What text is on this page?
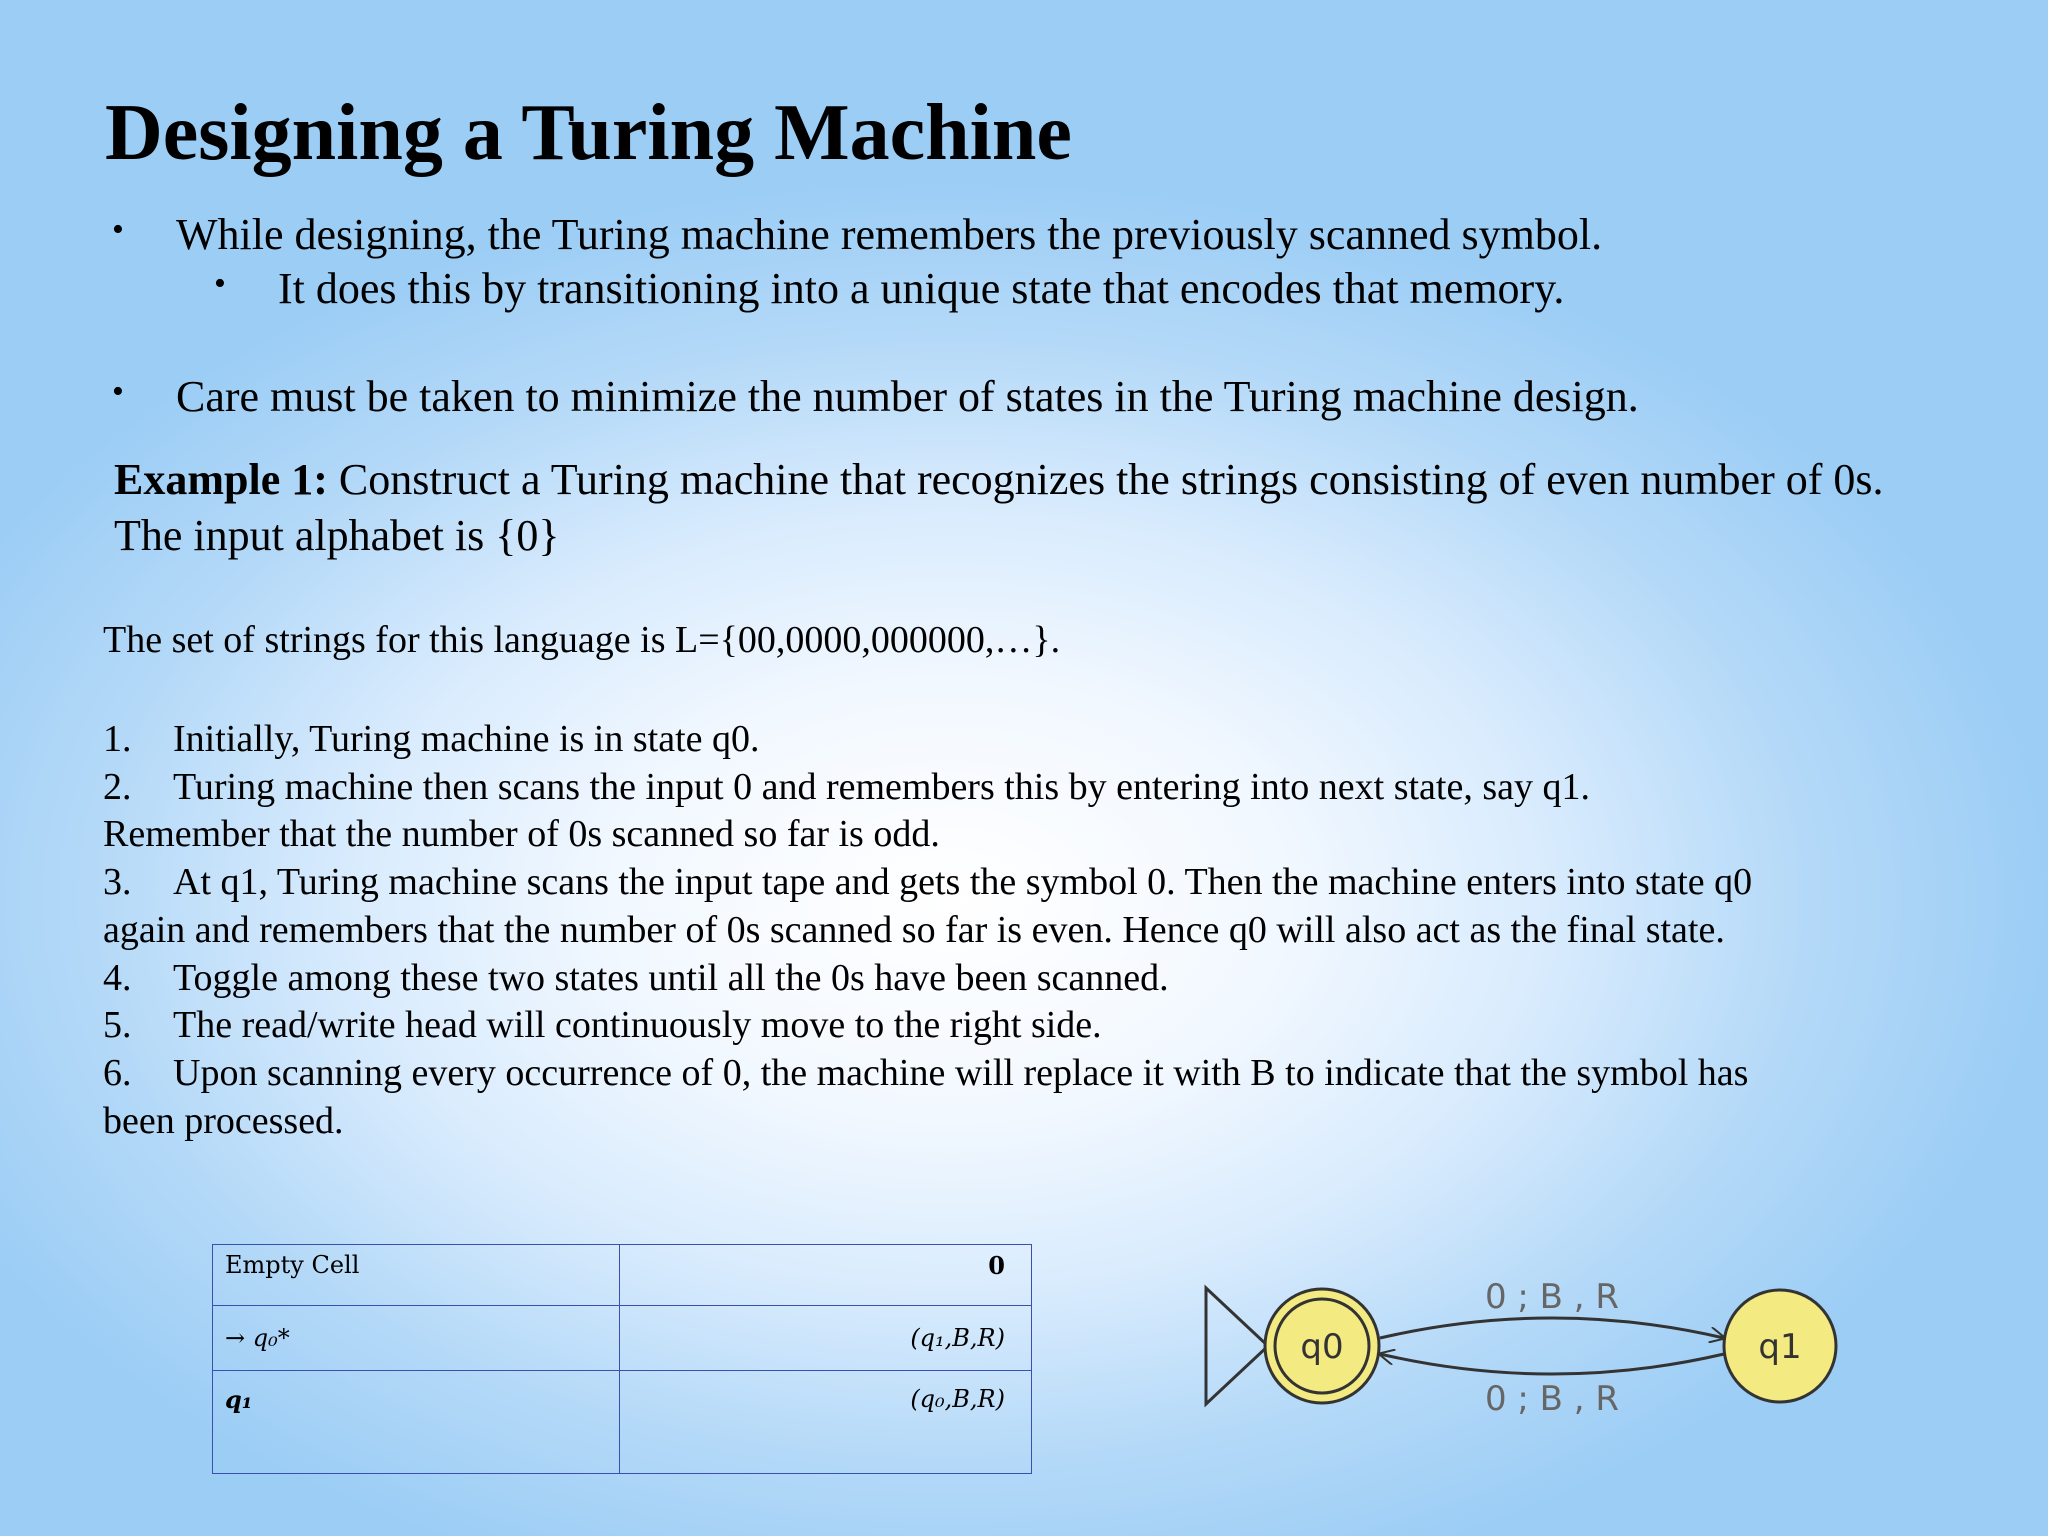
Designing a Turing Machine
• While designing, the Turing machine remembers the previously scanned symbol.
• It does this by transitioning into a unique state that encodes that memory.
• Care must be taken to minimize the number of states in the Turing machine design.
Example 1: Construct a Turing machine that recognizes the strings consisting of even number of 0s. The input alphabet is {0}
The set of strings for this language is L={00,0000,000000,…}.
1. Initially, Turing machine is in state q0.
2. Turing machine then scans the input 0 and remembers this by entering into next state, say q1. Remember that the number of 0s scanned so far is odd.
3. At q1, Turing machine scans the input tape and gets the symbol 0. Then the machine enters into state q0 again and remembers that the number of 0s scanned so far is even. Hence q0 will also act as the final state.
4. Toggle among these two states until all the 0s have been scanned.
5. The read/write head will continuously move to the right side.
6. Upon scanning every occurrence of 0, the machine will replace it with B to indicate that the symbol has been processed.
Empty Cell	0
→ q₀*	(q₁,B,R)
q₁	(q₀,B,R)
q0	q1
0 ; B , R
0 ; B , R
